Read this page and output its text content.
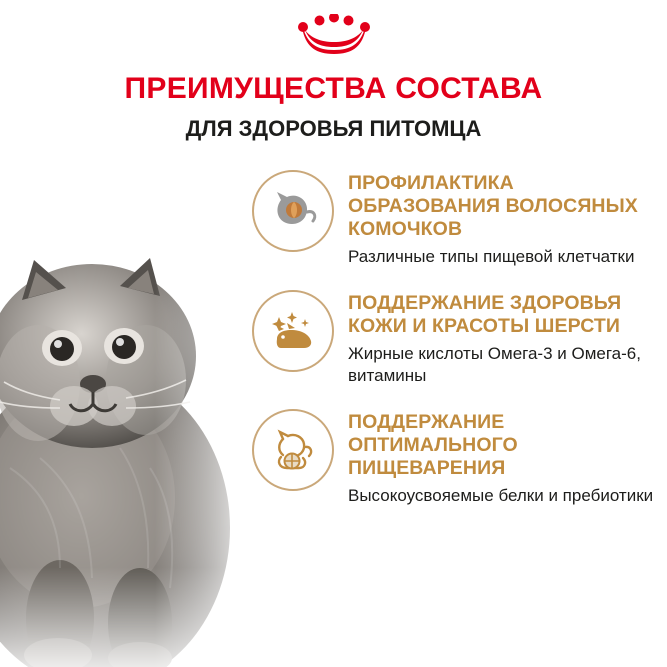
ПРЕИМУЩЕСТВА СОСТАВА
ДЛЯ ЗДОРОВЬЯ ПИТОМЦА
ПРОФИЛАКТИКА ОБРАЗОВАНИЯ ВОЛОСЯНЫХ КОМОЧКОВ
Различные типы пищевой клетчатки
ПОДДЕРЖАНИЕ ЗДОРОВЬЯ КОЖИ И КРАСОТЫ ШЕРСТИ
Жирные кислоты Омега-3 и Омега-6, витамины
ПОДДЕРЖАНИЕ ОПТИМАЛЬНОГО ПИЩЕВАРЕНИЯ
Высокоусвояемые белки и пребиотики
